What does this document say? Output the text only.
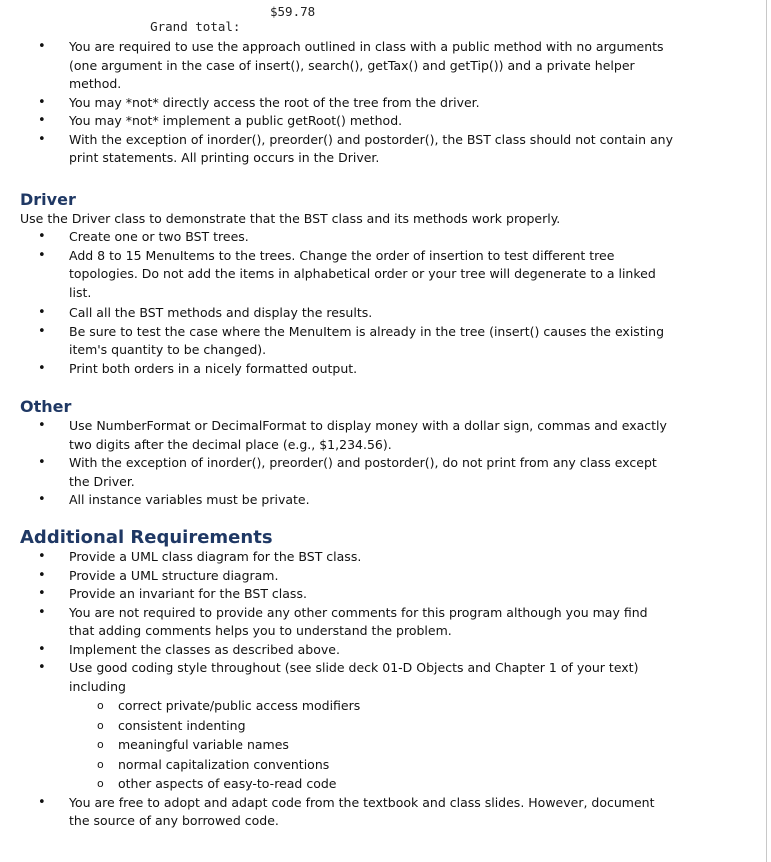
Grand total:

$59.78

• You are required to use the approach outlined in class with a public method with no arguments (one argument in the case of insert(), search(), getTax() and getTip()) and a private helper method.
• You may *not* directly access the root of the tree from the driver.
• You may *not* implement a public getRoot() method.
• With the exception of inorder(), preorder() and postorder(), the BST class should not contain any print statements. All printing occurs in the Driver.
Driver

Use the Driver class to demonstrate that the BST class and its methods work properly.

• Create one or two BST trees.
• Add 8 to 15 MenuItems to the trees. Change the order of insertion to test different tree topologies. Do not add the items in alphabetical order or your tree will degenerate to a linked list.
• Call all the BST methods and display the results.
• Be sure to test the case where the MenuItem is already in the tree (insert() causes the existing item's quantity to be changed).
• Print both orders in a nicely formatted output.
Other
• Use NumberFormat or DecimalFormat to display money with a dollar sign, commas and exactly two digits after the decimal place (e.g., $1,234.56).
• With the exception of inorder(), preorder() and postorder(), do not print from any class except the Driver.
• All instance variables must be private.
Additional Requirements
• Provide a UML class diagram for the BST class.
• Provide a UML structure diagram.
• Provide an invariant for the BST class.
• You are not required to provide any other comments for this program although you may find that adding comments helps you to understand the problem.
• Implement the classes as described above.
• Use good coding style throughout (see slide deck 01-D Objects and Chapter 1 of your text) including
o correct private/public access modifiers
o consistent indenting
o meaningful variable names
o normal capitalization conventions
o other aspects of easy-to-read code
• You are free to adopt and adapt code from the textbook and class slides. However, document the source of any borrowed code.
